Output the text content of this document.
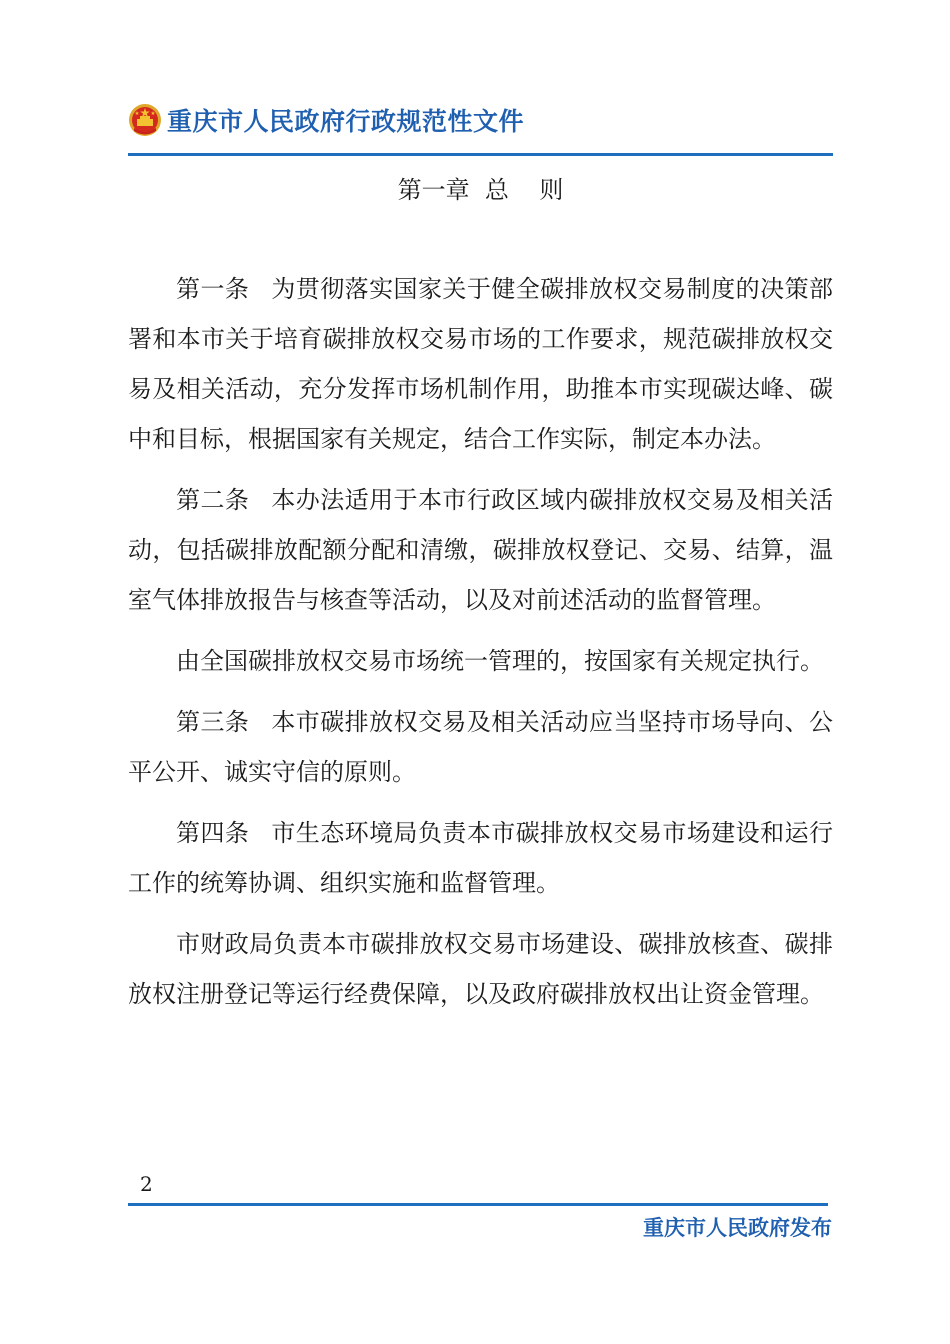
重庆市人民政府行政规范性文件
第一章  总    则

第一条 为贯彻落实国家关于健全碳排放权交易制度的决策部署和本市关于培育碳排放权交易市场的工作要求，规范碳排放权交易及相关活动，充分发挥市场机制作用，助推本市实现碳达峰、碳中和目标，根据国家有关规定，结合工作实际，制定本办法。

第二条 本办法适用于本市行政区域内碳排放权交易及相关活动，包括碳排放配额分配和清缴，碳排放权登记、交易、结算，温室气体排放报告与核查等活动，以及对前述活动的监督管理。

由全国碳排放权交易市场统一管理的，按国家有关规定执行。

第三条 本市碳排放权交易及相关活动应当坚持市场导向、公平公开、诚实守信的原则。

第四条 市生态环境局负责本市碳排放权交易市场建设和运行工作的统筹协调、组织实施和监督管理。

市财政局负责本市碳排放权交易市场建设、碳排放核查、碳排放权注册登记等运行经费保障，以及政府碳排放权出让资金管理。

2
重庆市人民政府发布
